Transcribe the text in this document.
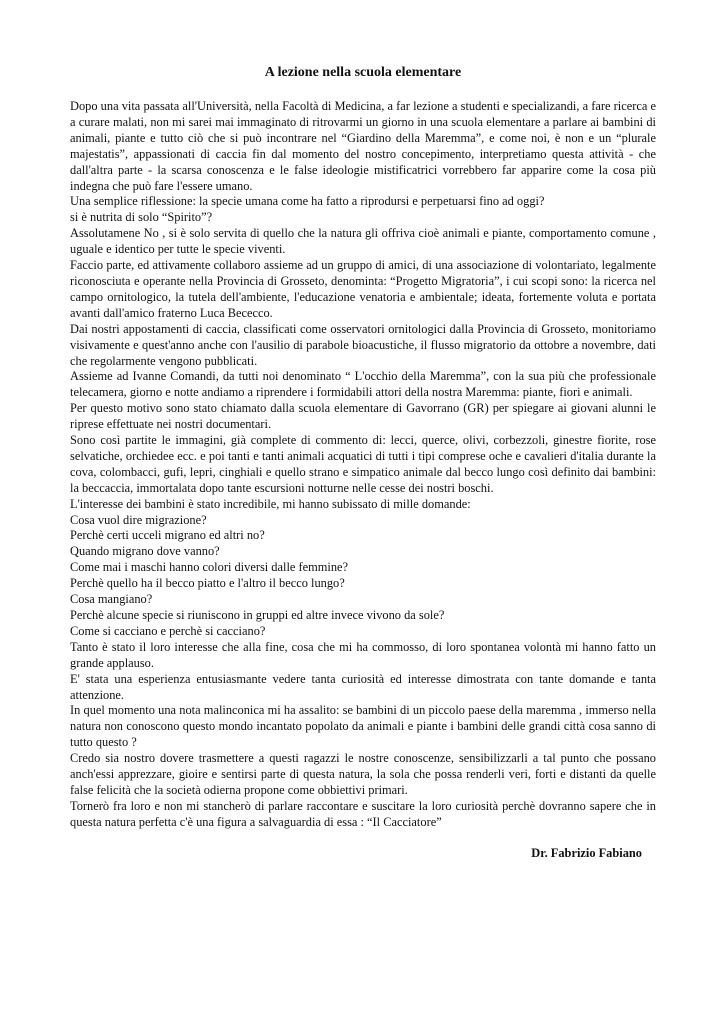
A lezione nella scuola elementare

Dopo una vita passata all'Università, nella Facoltà di Medicina, a far lezione a studenti e specializandi, a fare ricerca e a curare malati, non mi sarei mai immaginato di ritrovarmi un giorno in una scuola elementare a parlare ai bambini di animali, piante e tutto ciò che si può incontrare nel “Giardino della Maremma”, e come noi, è non e un “plurale majestatis”, appassionati di caccia fin dal momento del nostro concepimento, interpretiamo questa attività - che dall'altra parte - la scarsa conoscenza e le false ideologie mistificatrici vorrebbero far apparire come la cosa più indegna che può fare l'essere umano.

Una semplice riflessione: la specie umana come ha fatto a riprodursi e perpetuarsi fino ad oggi?

si è nutrita di solo “Spirito”?

Assolutamene No , si è solo servita di quello che la natura gli offriva cioè animali e piante, comportamento comune , uguale e identico per tutte le specie viventi.

Faccio parte, ed attivamente collaboro assieme ad un gruppo di amici, di una associazione di volontariato, legalmente riconosciuta e operante nella Provincia di Grosseto, denominta: “Progetto Migratoria”, i cui scopi sono: la ricerca nel campo ornitologico, la tutela dell'ambiente, l'educazione venatoria e ambientale; ideata, fortemente voluta e portata avanti dall'amico fraterno Luca Bececco.

Dai nostri appostamenti di caccia, classificati come osservatori ornitologici dalla Provincia di Grosseto, monitoriamo visivamente e quest'anno anche con l'ausilio di parabole bioacustiche, il flusso migratorio da ottobre a novembre, dati che regolarmente vengono pubblicati.

Assieme ad Ivanne Comandi, da tutti noi denominato “ L'occhio della Maremma”, con la sua più che professionale telecamera, giorno e notte andiamo a riprendere i formidabili attori della nostra Maremma: piante, fiori e animali.

Per questo motivo sono stato chiamato dalla scuola elementare di Gavorrano (GR) per spiegare ai giovani alunni le riprese effettuate nei nostri documentari.

Sono così partite le immagini, già complete di commento di: lecci, querce, olivi, corbezzoli, ginestre fiorite, rose selvatiche, orchiedee ecc. e poi tanti e tanti animali acquatici di tutti i tipi comprese oche e cavalieri d'italia durante la cova, colombacci, gufi, lepri, cinghiali e quello strano e simpatico animale dal becco lungo così definito dai bambini: la beccaccia, immortalata dopo tante escursioni notturne nelle cesse dei nostri boschi.

L'interesse dei bambini è stato incredibile, mi hanno subissato di mille domande:

Cosa vuol dire migrazione?

Perchè certi ucceli migrano ed altri no?

Quando migrano dove vanno?

Come mai i maschi hanno colori diversi dalle femmine?

Perchè quello ha il becco piatto e l'altro il becco lungo?

Cosa mangiano?

Perchè alcune specie si riuniscono in gruppi ed altre invece vivono da sole?

Come si cacciano e perchè si cacciano?

Tanto è stato il loro interesse che alla fine, cosa che mi ha commosso, di loro spontanea volontà mi hanno fatto un grande applauso.

E' stata una esperienza entusiasmante vedere tanta curiosità ed interesse dimostrata con tante domande e tanta attenzione.

In quel momento una nota malinconica mi ha assalito: se bambini di un piccolo paese della maremma , immerso nella natura non conoscono questo mondo incantato popolato da animali e piante i bambini delle grandi città cosa sanno di tutto questo ?

Credo sia nostro dovere trasmettere a questi ragazzi le nostre conoscenze, sensibilizzarli a tal punto che possano anch'essi apprezzare, gioire e sentirsi parte di questa natura, la sola che possa renderli veri, forti e distanti da quelle false felicità che la società odierna propone come obbiettivi primari.

Tornerò fra loro e non mi stancherò di parlare raccontare e suscitare la loro curiosità perchè dovranno sapere che in questa natura perfetta c'è una figura a salvaguardia di essa : “Il Cacciatore”

Dr. Fabrizio Fabiano
